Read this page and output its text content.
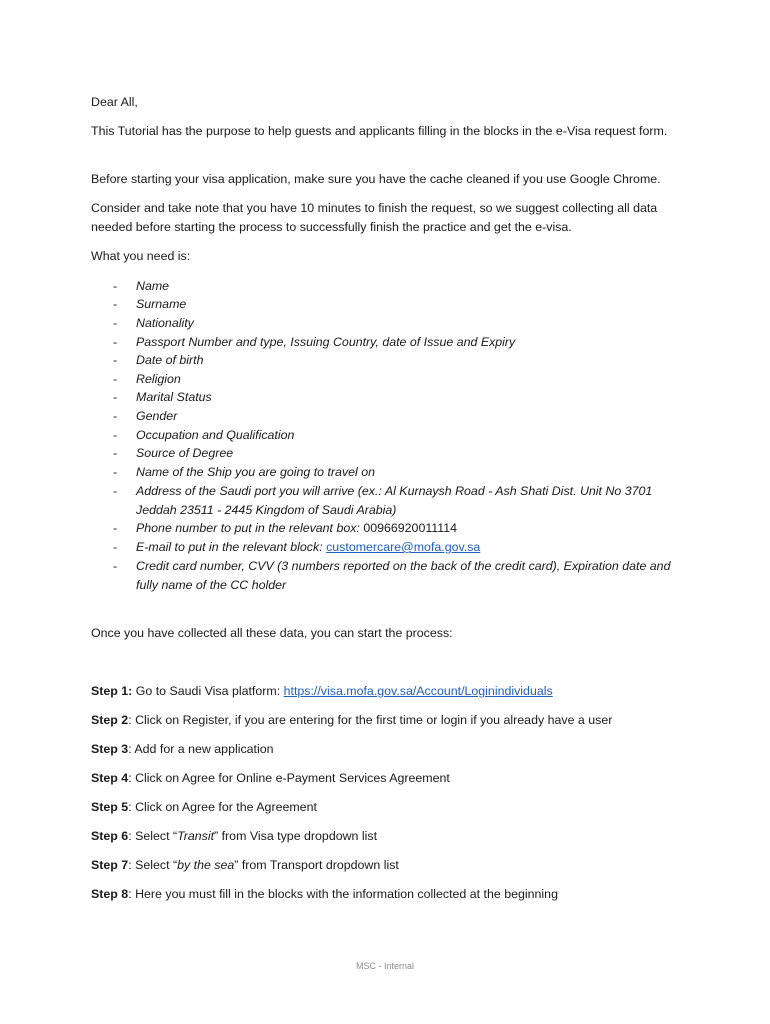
Dear All,

This Tutorial has the purpose to help guests and applicants filling in the blocks in the e-Visa request form.

Before starting your visa application, make sure you have the cache cleaned if you use Google Chrome.

Consider and take note that you have 10 minutes to finish the request, so we suggest collecting all data needed before starting the process to successfully finish the practice and get the e-visa.

What you need is:

- Name
- Surname
- Nationality
- Passport Number and type, Issuing Country, date of Issue and Expiry
- Date of birth
- Religion
- Marital Status
- Gender
- Occupation and Qualification
- Source of Degree
- Name of the Ship you are going to travel on
- Address of the Saudi port you will arrive (ex.: Al Kurnaysh Road - Ash Shati Dist. Unit No 3701 Jeddah 23511 - 2445 Kingdom of Saudi Arabia)
- Phone number to put in the relevant box: 00966920011114
- E-mail to put in the relevant block: customercare@mofa.gov.sa
- Credit card number, CVV (3 numbers reported on the back of the credit card), Expiration date and fully name of the CC holder

Once you have collected all these data, you can start the process:

Step 1: Go to Saudi Visa platform: https://visa.mofa.gov.sa/Account/Loginindividuals

Step 2: Click on Register, if you are entering for the first time or login if you already have a user

Step 3: Add for a new application

Step 4: Click on Agree for Online e-Payment Services Agreement

Step 5: Click on Agree for the Agreement

Step 6: Select “Transit” from Visa type dropdown list

Step 7: Select “by the sea” from Transport dropdown list

Step 8: Here you must fill in the blocks with the information collected at the beginning

MSC - Internal
